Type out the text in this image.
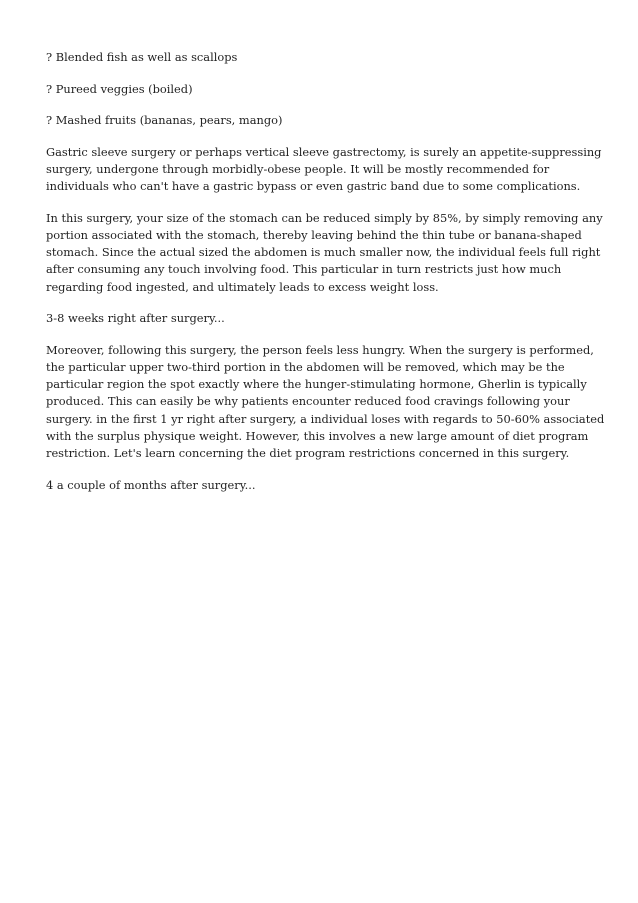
? Blended fish as well as scallops

? Pureed veggies (boiled)

? Mashed fruits (bananas, pears, mango)

Gastric sleeve surgery or perhaps vertical sleeve gastrectomy, is surely an appetite-suppressing surgery, undergone through morbidly-obese people. It will be mostly recommended for individuals who can't have a gastric bypass or even gastric band due to some complications.

In this surgery, your size of the stomach can be reduced simply by 85%, by simply removing any portion associated with the stomach, thereby leaving behind the thin tube or banana-shaped stomach. Since the actual sized the abdomen is much smaller now, the individual feels full right after consuming any touch involving food. This particular in turn restricts just how much regarding food ingested, and ultimately leads to excess weight loss.

3-8 weeks right after surgery...

Moreover, following this surgery, the person feels less hungry. When the surgery is performed, the particular upper two-third portion in the abdomen will be removed, which may be the particular region the spot exactly where the hunger-stimulating hormone, Gherlin is typically produced. This can easily be why patients encounter reduced food cravings following your surgery. in the first 1 yr right after surgery, a individual loses with regards to 50-60% associated with the surplus physique weight. However, this involves a new large amount of diet program restriction. Let's learn concerning the diet program restrictions concerned in this surgery.

4 a couple of months after surgery...
